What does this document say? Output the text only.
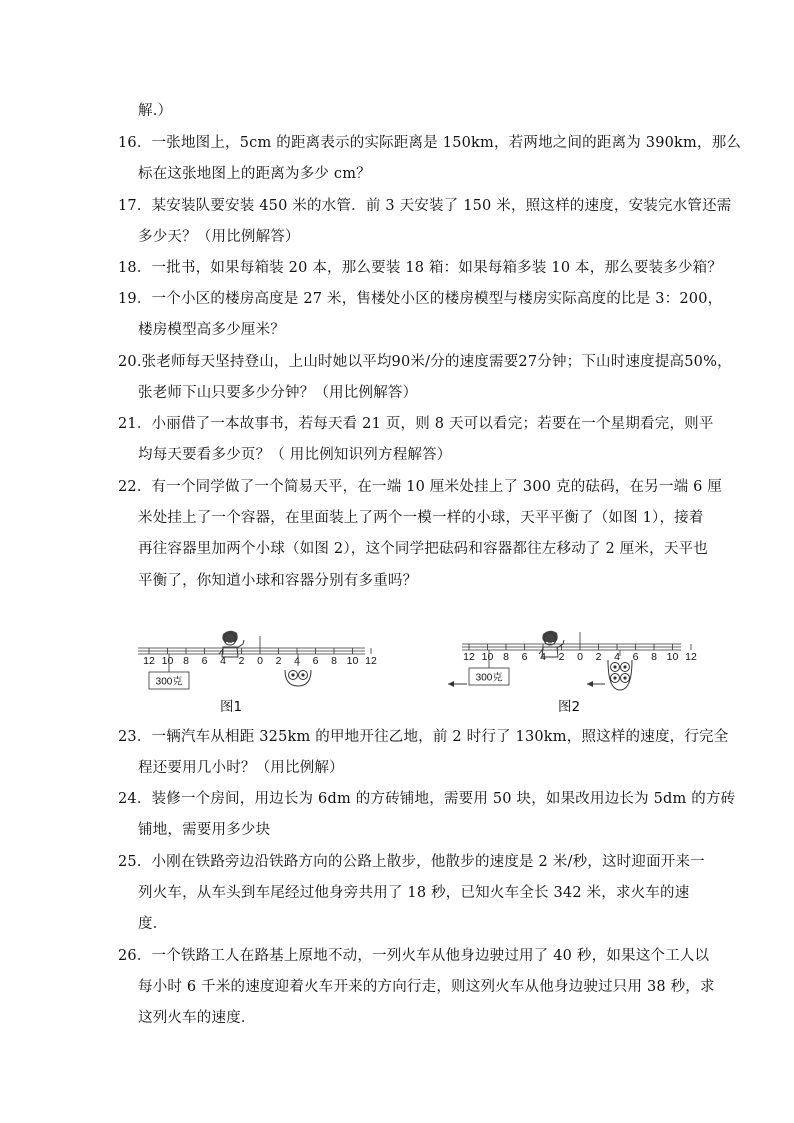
解.）
16．一张地图上，5cm 的距离表示的实际距离是 150km，若两地之间的距离为 390km，那么
标在这张地图上的距离为多少 cm？
17．某安装队要安装 450 米的水管．前 3 天安装了 150 米，照这样的速度，安装完水管还需
多少天？（用比例解答）
18．一批书，如果每箱装 20 本，那么要装 18 箱：如果每箱多装 10 本，那么要装多少箱？
19．一个小区的楼房高度是 27 米，售楼处小区的楼房模型与楼房实际高度的比是 3：200，
楼房模型高多少厘米？
20.张老师每天坚持登山，上山时她以平均90米/分的速度需要27分钟；下山时速度提高50%，
张老师下山只要多少分钟？（用比例解答）
21．小丽借了一本故事书，若每天看 21 页，则 8 天可以看完；若要在一个星期看完，则平
均每天要看多少页？（ 用比例知识列方程解答）
22．有一个同学做了一个简易天平，在一端 10 厘米处挂上了 300 克的砝码，在另一端 6 厘
米处挂上了一个容器，在里面装上了两个一模一样的小球，天平平衡了（如图 1），接着
再往容器里加两个小球（如图 2），这个同学把砝码和容器都往左移动了 2 厘米，天平也
平衡了，你知道小球和容器分别有多重吗？
12 10 8 6 4 2 0 2 4 6 8 10 12
300克
图1
12 10 8 6 4 2 0 2 4 6 8 10 12
300克
图2
23．一辆汽车从相距 325km 的甲地开往乙地，前 2 时行了 130km，照这样的速度，行完全
程还要用几小时？（用比例解）
24．装修一个房间，用边长为 6dm 的方砖铺地，需要用 50 块，如果改用边长为 5dm 的方砖
铺地，需要用多少块
25．小刚在铁路旁边沿铁路方向的公路上散步，他散步的速度是 2 米/秒，这时迎面开来一
列火车，从车头到车尾经过他身旁共用了 18 秒，已知火车全长 342 米，求火车的速
度．
26．一个铁路工人在路基上原地不动，一列火车从他身边驶过用了 40 秒，如果这个工人以
每小时 6 千米的速度迎着火车开来的方向行走，则这列火车从他身边驶过只用 38 秒，求
这列火车的速度．
